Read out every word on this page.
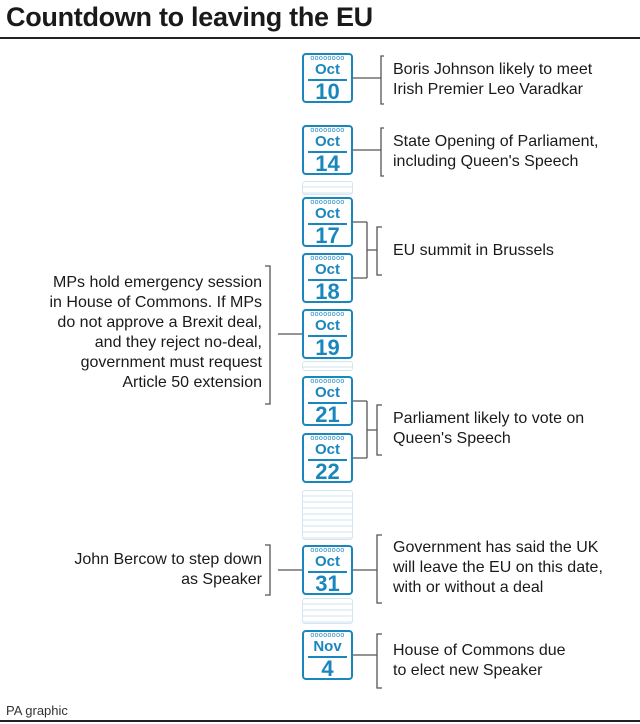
Countdown to leaving the EU
oooooooo
Oct
10
oooooooo
Oct
14
oooooooo
Oct
17
oooooooo
Oct
18
oooooooo
Oct
19
oooooooo
Oct
21
oooooooo
Oct
22
oooooooo
Oct
31
oooooooo
Nov
4
Boris Johnson likely to meet
Irish Premier Leo Varadkar
State Opening of Parliament,
including Queen's Speech
EU summit in Brussels
MPs hold emergency session
in House of Commons. If MPs
do not approve a Brexit deal,
and they reject no-deal,
government must request
Article 50 extension
Parliament likely to vote on
Queen's Speech
John Bercow to step down
as Speaker
Government has said the UK
will leave the EU on this date,
with or without a deal
House of Commons due
to elect new Speaker
PA graphic
